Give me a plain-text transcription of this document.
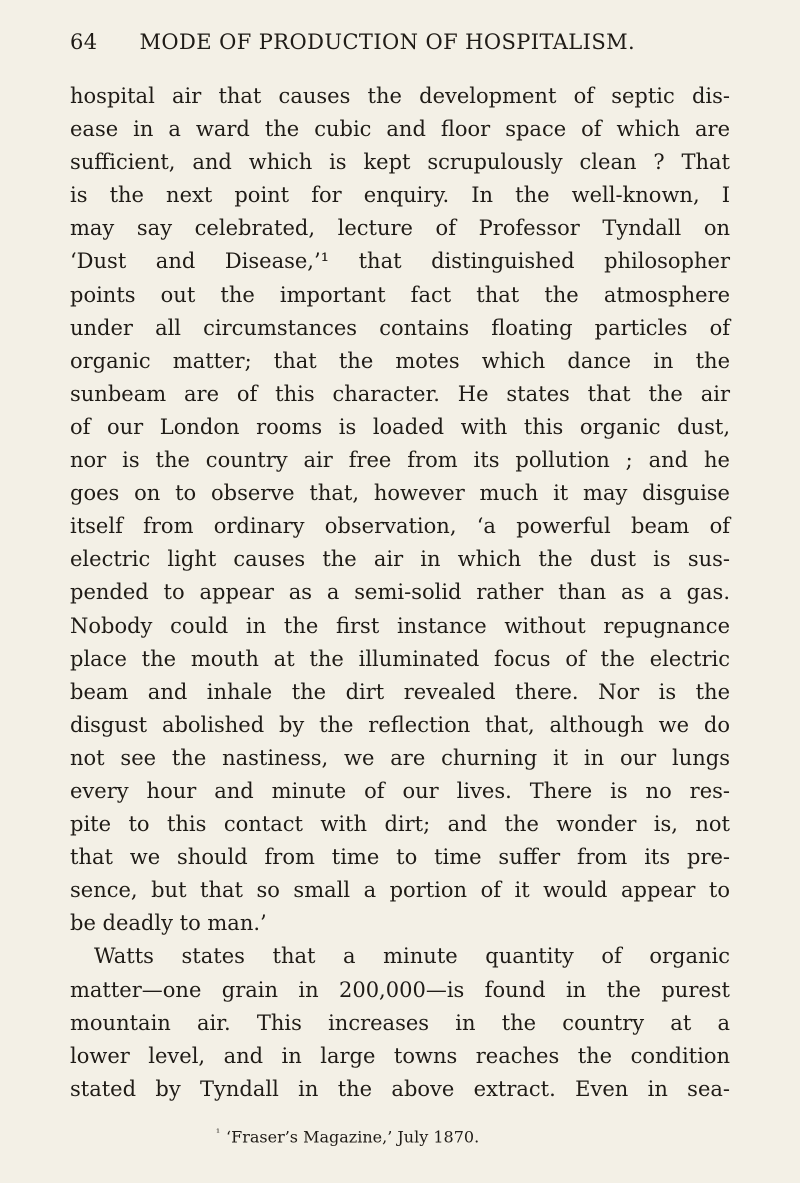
64 MODE OF PRODUCTION OF HOSPITALISM.
hospital air that causes the development of septic dis-
ease in a ward the cubic and floor space of which are
sufficient, and which is kept scrupulously clean ? That
is the next point for enquiry. In the well-known, I
may say celebrated, lecture of Professor Tyndall on
‘Dust and Disease,’¹ that distinguished philosopher
points out the important fact that the atmosphere
under all circumstances contains floating particles of
organic matter; that the motes which dance in the
sunbeam are of this character. He states that the air
of our London rooms is loaded with this organic dust,
nor is the country air free from its pollution ; and he
goes on to observe that, however much it may disguise
itself from ordinary observation, ‘a powerful beam of
electric light causes the air in which the dust is sus-
pended to appear as a semi-solid rather than as a gas.
Nobody could in the first instance without repugnance
place the mouth at the illuminated focus of the electric
beam and inhale the dirt revealed there. Nor is the
disgust abolished by the reflection that, although we do
not see the nastiness, we are churning it in our lungs
every hour and minute of our lives. There is no res-
pite to this contact with dirt; and the wonder is, not
that we should from time to time suffer from its pre-
sence, but that so small a portion of it would appear to
be deadly to man.’
Watts states that a minute quantity of organic
matter—one grain in 200,000—is found in the purest
mountain air. This increases in the country at a
lower level, and in large towns reaches the condition
stated by Tyndall in the above extract. Even in sea-
$^{^1}$ ‘Fraser’s Magazine,’ July 1870.
